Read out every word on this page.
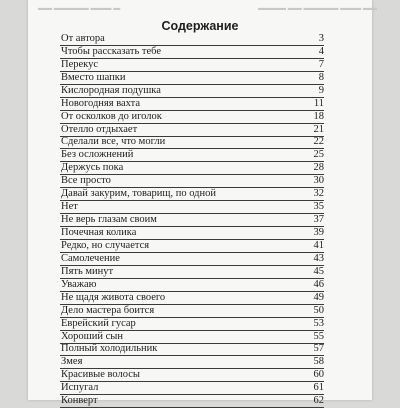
▬▬ ▬▬▬▬▬ ▬▬▬ ▬	▬▬▬▬ ▬▬ ▬▬▬▬▬ ▬▬▬ ▬▬
Содержание
От автора	3
Чтобы рассказать тебе	4
Перекус	7
Вместо шапки	8
Кислородная подушка	9
Новогодняя вахта	11
От осколков до иголок	18
Отелло отдыхает	21
Сделали все, что могли	22
Без осложнений	25
Держусь пока	28
Все просто	30
Давай закурим, товарищ, по одной	32
Нет	35
Не верь глазам своим	37
Почечная колика	39
Редко, но случается	41
Самолечение	43
Пять минут	45
Уважаю	46
Не щадя живота своего	49
Дело мастера боится	50
Еврейский гусар	53
Хороший сын	55
Полный холодильник	57
Змея	58
Красивые волосы	60
Испугал	61
Конверт	62
